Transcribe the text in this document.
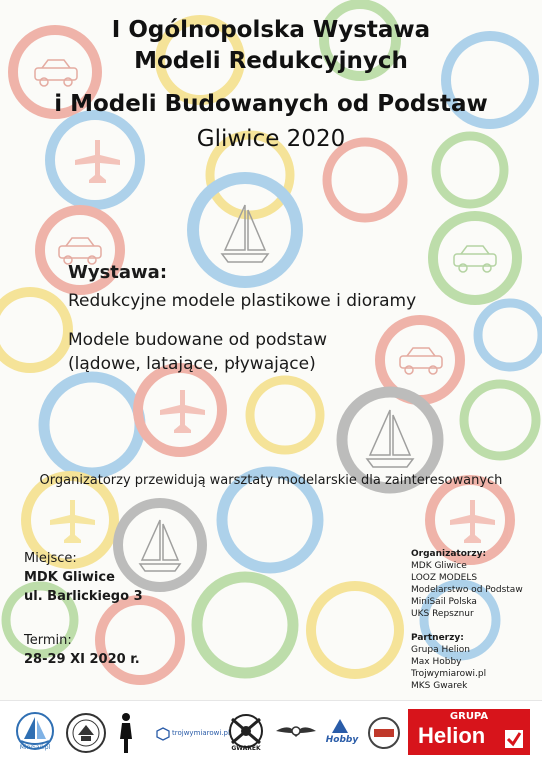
I Ogólnopolska Wystawa
Modeli Redukcyjnych
i Modeli Budowanych od Podstaw
Gliwice 2020
Wystawa:
Redukcyjne modele plastikowe i dioramy
Modele budowane od podstaw
(lądowe, latające, pływające)
Organizatorzy przewidują warsztaty modelarskie dla zainteresowanych
Miejsce:
MDK Gliwice
ul. Barlickiego 3
Termin:
28-29 XI 2020 r.
Organizatorzy:
MDK Gliwice
LOOZ MODELS
Modelarstwo od Podstaw
MiniSail Polska
UKS Repsznur
Partnerzy:
Grupa Helion
Max Hobby
Trojwymiarowi.pl
MKS Gwarek
MiniSail.pl
trojwymiarowi.pl
GWAREK
Hobby
GRUPA
Helion
